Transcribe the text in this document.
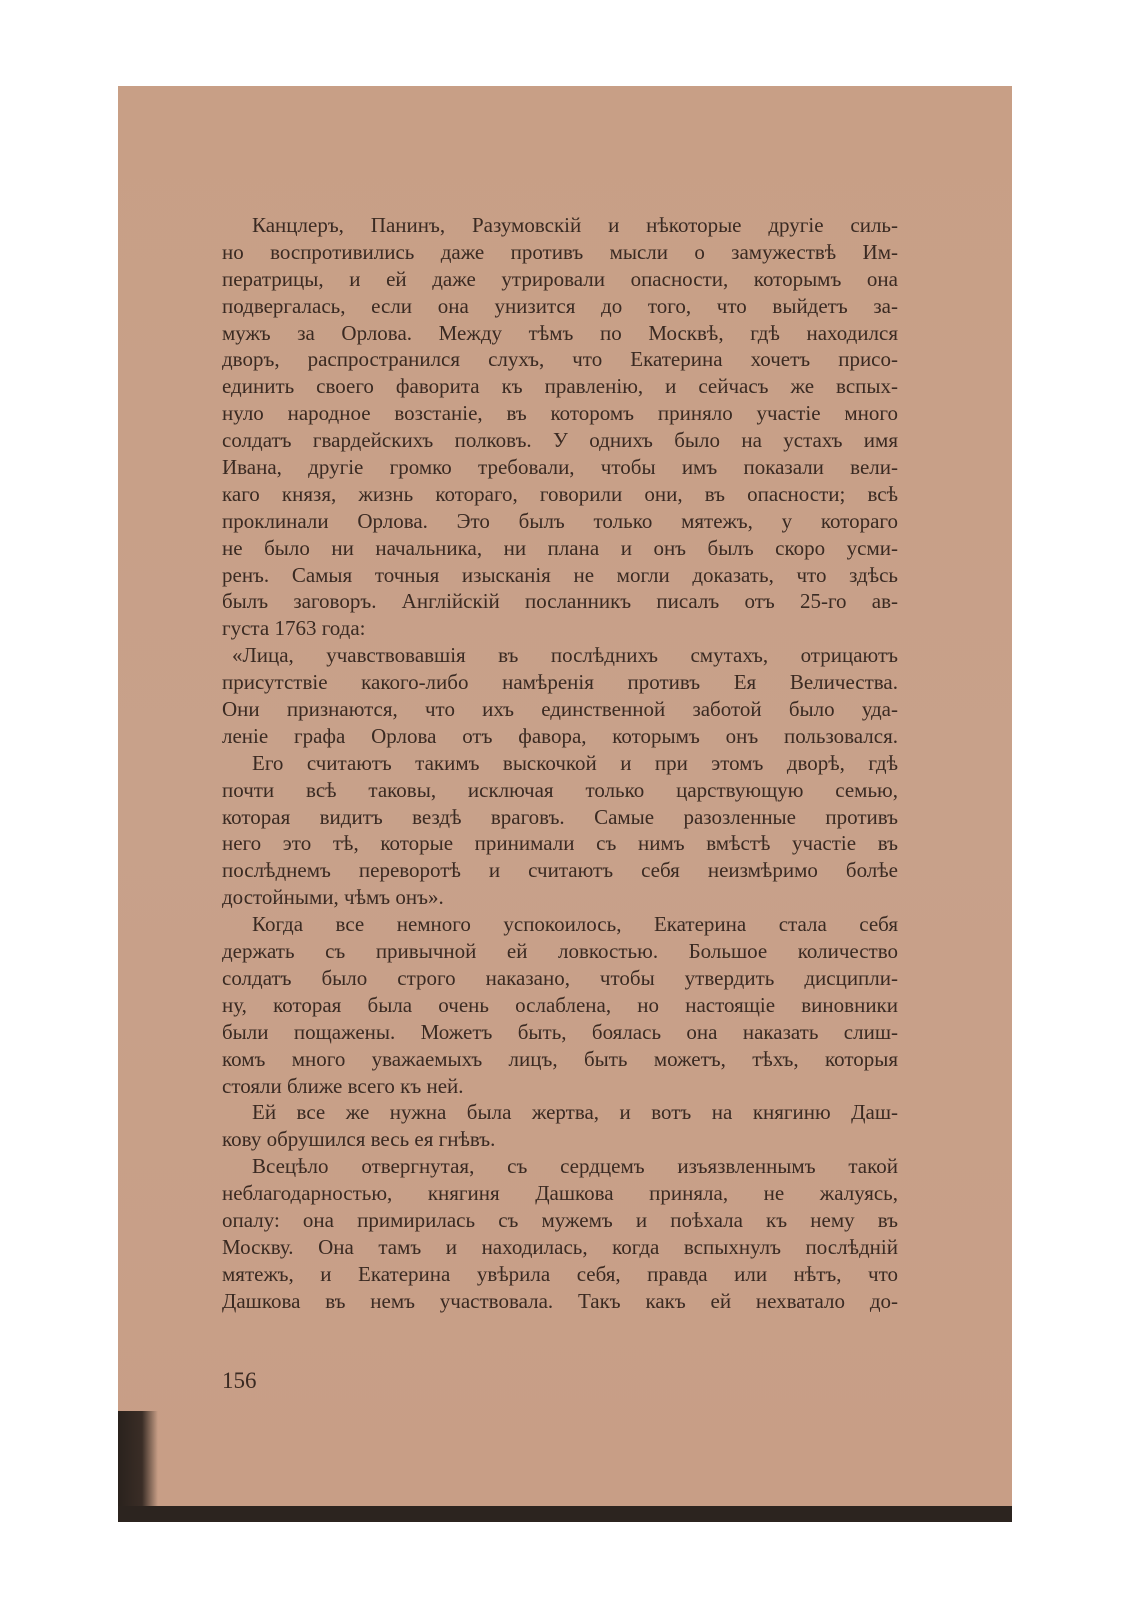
Канцлеръ, Панинъ, Разумовскій и нѣкоторые другіе силь-
но воспротивились даже противъ мысли о замужествѣ Им-
ператрицы, и ей даже утрировали опасности, которымъ она
подвергалась, если она унизится до того, что выйдетъ за-
мужъ за Орлова. Между тѣмъ по Москвѣ, гдѣ находился
дворъ, распространился слухъ, что Екатерина хочетъ присо-
единить своего фаворита къ правленію, и сейчасъ же вспых-
нуло народное возстаніе, въ которомъ приняло участіе много
солдатъ гвардейскихъ полковъ. У однихъ было на устахъ имя
Ивана, другіе громко требовали, чтобы имъ показали вели-
каго князя, жизнь котораго, говорили они, въ опасности; всѣ
проклинали Орлова. Это былъ только мятежъ, у котораго
не было ни начальника, ни плана и онъ былъ скоро усми-
ренъ. Самыя точныя изысканія не могли доказать, что здѣсь
былъ заговоръ. Англійскій посланникъ писалъ отъ 25-го ав-
густа 1763 года:
«Лица, учавствовавшія въ послѣднихъ смутахъ, отрицаютъ
присутствіе какого-либо намѣренія противъ Ея Величества.
Они признаются, что ихъ единственной заботой было уда-
леніе графа Орлова отъ фавора, которымъ онъ пользовался.
Его считаютъ такимъ выскочкой и при этомъ дворѣ, гдѣ
почти всѣ таковы, исключая только царствующую семью,
которая видитъ вездѣ враговъ. Самые разозленные противъ
него это тѣ, которые принимали съ нимъ вмѣстѣ участіе въ
послѣднемъ переворотѣ и считаютъ себя неизмѣримо болѣе
достойными, чѣмъ онъ».
Когда все немного успокоилось, Екатерина стала себя
держать съ привычной ей ловкостью. Большое количество
солдатъ было строго наказано, чтобы утвердить дисципли-
ну, которая была очень ослаблена, но настоящіе виновники
были пощажены. Можетъ быть, боялась она наказать слиш-
комъ много уважаемыхъ лицъ, быть можетъ, тѣхъ, которыя
стояли ближе всего къ ней.
Ей все же нужна была жертва, и вотъ на княгиню Даш-
кову обрушился весь ея гнѣвъ.
Всецѣло отвергнутая, съ сердцемъ изъязвленнымъ такой
неблагодарностью, княгиня Дашкова приняла, не жалуясь,
опалу: она примирилась съ мужемъ и поѣхала къ нему въ
Москву. Она тамъ и находилась, когда вспыхнулъ послѣдній
мятежъ, и Екатерина увѣрила себя, правда или нѣтъ, что
Дашкова въ немъ участвовала. Такъ какъ ей нехватало до-
156
